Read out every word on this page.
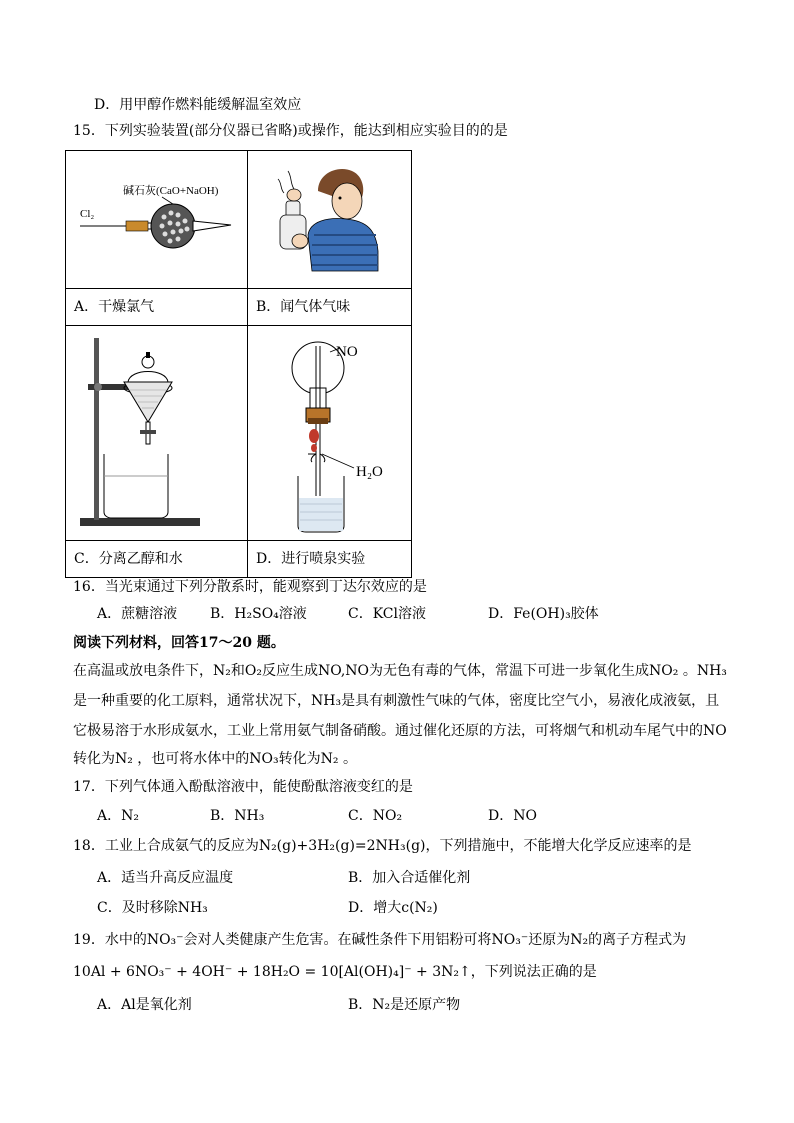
D．用甲醇作燃料能缓解温室效应
15．下列实验装置(部分仪器已省略)或操作，能达到相应实验目的的是
碱石灰(CaO+NaOH)
Cl₂

A．干燥氯气	B．闻气体气味

NO
H₂O

C．分离乙醇和水	D．进行喷泉实验
16．当光束通过下列分散系时，能观察到丁达尔效应的是
A．蔗糖溶液 B．H₂SO₄溶液	C．KCl溶液	D．Fe(OH)₃胶体
阅读下列材料，回答17～20 题。
在高温或放电条件下，N₂和O₂反应生成NO,NO为无色有毒的气体，常温下可进一步氧化生成NO₂ 。NH₃
是一种重要的化工原料，通常状况下，NH₃是具有刺激性气味的气体，密度比空气小，易液化成液氨，且
它极易溶于水形成氨水，工业上常用氨气制备硝酸。通过催化还原的方法，可将烟气和机动车尾气中的NO
转化为N₂ ，也可将水体中的NO₃转化为N₂ 。
17．下列气体通入酚酞溶液中，能使酚酞溶液变红的是
A．N₂	B．NH₃	C．NO₂	D．NO
18．工业上合成氨气的反应为N₂(g)+3H₂(g)=2NH₃(g)，下列措施中，不能增大化学反应速率的是
A．适当升高反应温度	B．加入合适催化剂
C．及时移除NH₃	D．增大c(N₂)
19．水中的NO₃⁻会对人类健康产生危害。在碱性条件下用铝粉可将NO₃⁻还原为N₂的离子方程式为
10Al + 6NO₃⁻ + 4OH⁻ + 18H₂O = 10[Al(OH)₄]⁻ + 3N₂↑，下列说法正确的是
A．Al是氧化剂	B．N₂是还原产物
